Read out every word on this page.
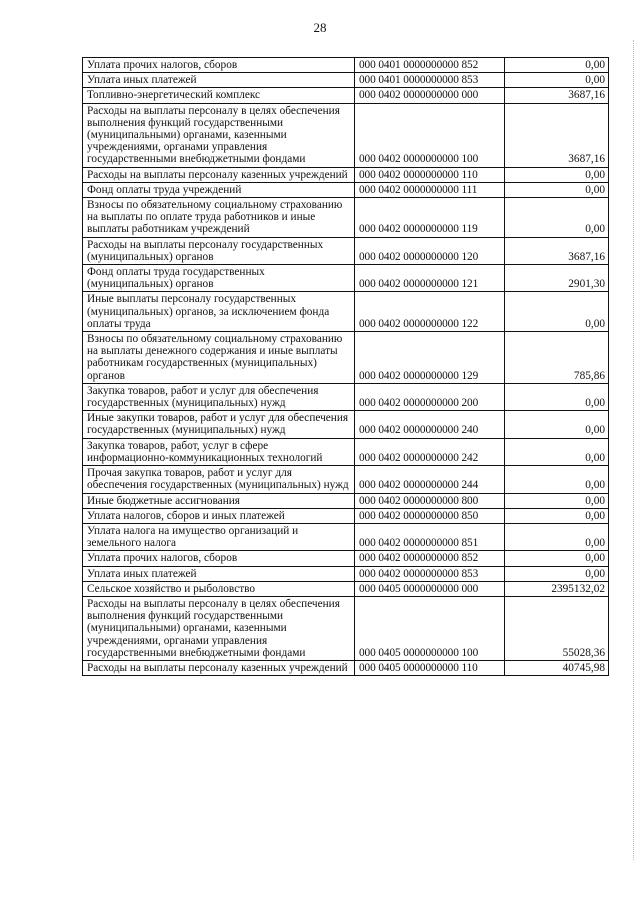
28
Уплата прочих налогов, сборов	000 0401 0000000000 852	0,00
Уплата иных платежей	000 0401 0000000000 853	0,00
Топливно-энергетический комплекс	000 0402 0000000000 000	3687,16
Расходы на выплаты персоналу в целях обеспечения выполнения функций государственными (муниципальными) органами, казенными учреждениями, органами управления государственными внебюджетными фондами	000 0402 0000000000 100	3687,16
Расходы на выплаты персоналу казенных учреждений	000 0402 0000000000 110	0,00
Фонд оплаты труда учреждений	000 0402 0000000000 111	0,00
Взносы по обязательному социальному страхованию на выплаты по оплате труда работников и иные выплаты работникам учреждений	000 0402 0000000000 119	0,00
Расходы на выплаты персоналу государственных (муниципальных) органов	000 0402 0000000000 120	3687,16
Фонд оплаты труда государственных (муниципальных) органов	000 0402 0000000000 121	2901,30
Иные выплаты персоналу государственных (муниципальных) органов, за исключением фонда оплаты труда	000 0402 0000000000 122	0,00
Взносы по обязательному социальному страхованию на выплаты денежного содержания и иные выплаты работникам государственных (муниципальных) органов	000 0402 0000000000 129	785,86
Закупка товаров, работ и услуг для обеспечения государственных (муниципальных) нужд	000 0402 0000000000 200	0,00
Иные закупки товаров, работ и услуг для обеспечения государственных (муниципальных) нужд	000 0402 0000000000 240	0,00
Закупка товаров, работ, услуг в сфере информационно-коммуникационных технологий	000 0402 0000000000 242	0,00
Прочая закупка товаров, работ и услуг для обеспечения государственных (муниципальных) нужд	000 0402 0000000000 244	0,00
Иные бюджетные ассигнования	000 0402 0000000000 800	0,00
Уплата налогов, сборов и иных платежей	000 0402 0000000000 850	0,00
Уплата налога на имущество организаций и земельного налога	000 0402 0000000000 851	0,00
Уплата прочих налогов, сборов	000 0402 0000000000 852	0,00
Уплата иных платежей	000 0402 0000000000 853	0,00
Сельское хозяйство и рыболовство	000 0405 0000000000 000	2395132,02
Расходы на выплаты персоналу в целях обеспечения выполнения функций государственными (муниципальными) органами, казенными учреждениями, органами управления государственными внебюджетными фондами	000 0405 0000000000 100	55028,36
Расходы на выплаты персоналу казенных учреждений	000 0405 0000000000 110	40745,98
